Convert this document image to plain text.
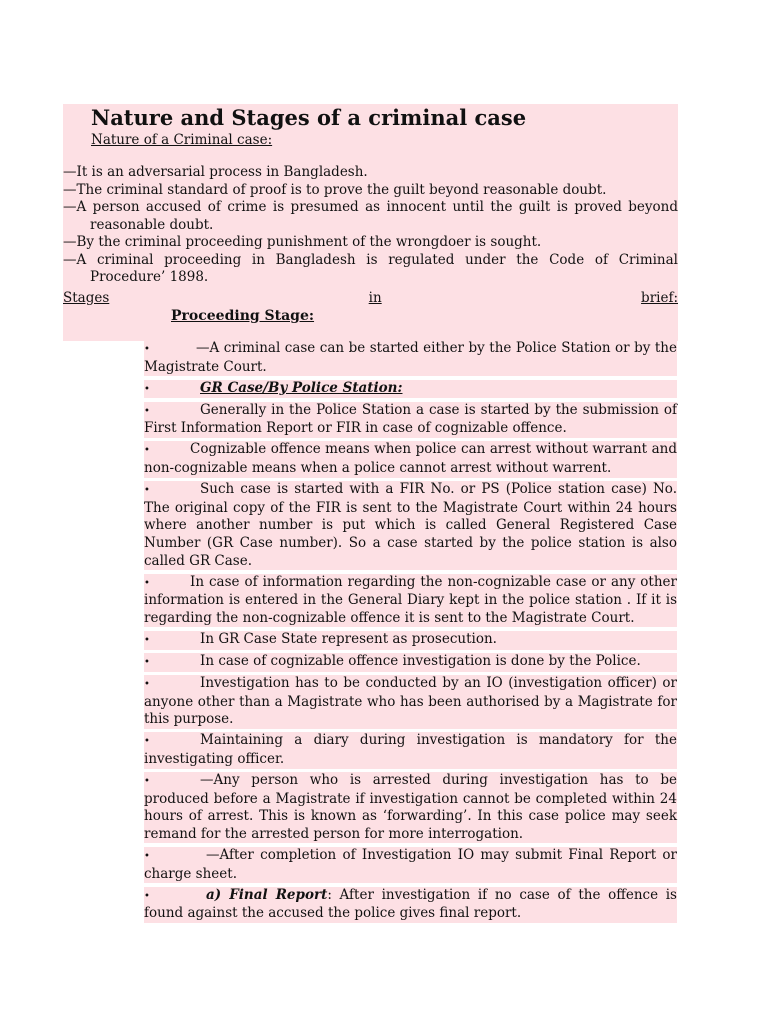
Nature and Stages of a criminal case

Nature of a Criminal case:

—It is an adversarial process in Bangladesh.

—The criminal standard of proof is to prove the guilt beyond reasonable doubt.

—A person accused of crime is presumed as innocent until the guilt is proved beyond reasonable doubt.

—By the criminal proceeding punishment of the wrongdoer is sought.

—A criminal proceeding in Bangladesh is regulated under the Code of Criminal Procedure’ 1898.

Stages	in	brief:

Proceeding Stage:

•	—A criminal case can be started either by the Police Station or by the Magistrate Court.

•	GR Case/By Police Station:

•	Generally in the Police Station a case is started by the submission of First Information Report or FIR in case of cognizable offence.

•	Cognizable offence means when police can arrest without warrant and non-cognizable means when a police cannot arrest without warrent.

•	Such case is started with a FIR No. or PS (Police station case) No. The original copy of the FIR is sent to the Magistrate Court within 24 hours where another number is put which is called General Registered Case Number (GR Case number). So a case started by the police station is also called GR Case.

•	In case of information regarding the non-cognizable case or any other information is entered in the General Diary kept in the police station . If it is regarding the non-cognizable offence it is sent to the Magistrate Court.

•	In GR Case State represent as prosecution.

•	In case of cognizable offence investigation is done by the Police.

•	Investigation has to be conducted by an IO (investigation officer) or anyone other than a Magistrate who has been authorised by a Magistrate for this purpose.

•	Maintaining a diary during investigation is mandatory for the investigating officer.

•	—Any person who is arrested during investigation has to be produced before a Magistrate if investigation cannot be completed within 24 hours of arrest. This is known as ‘forwarding’. In this case police may seek remand for the arrested person for more interrogation.

•	—After completion of Investigation IO may submit Final Report or charge sheet.

•	a) Final Report: After investigation if no case of the offence is found against the accused the police gives final report.
